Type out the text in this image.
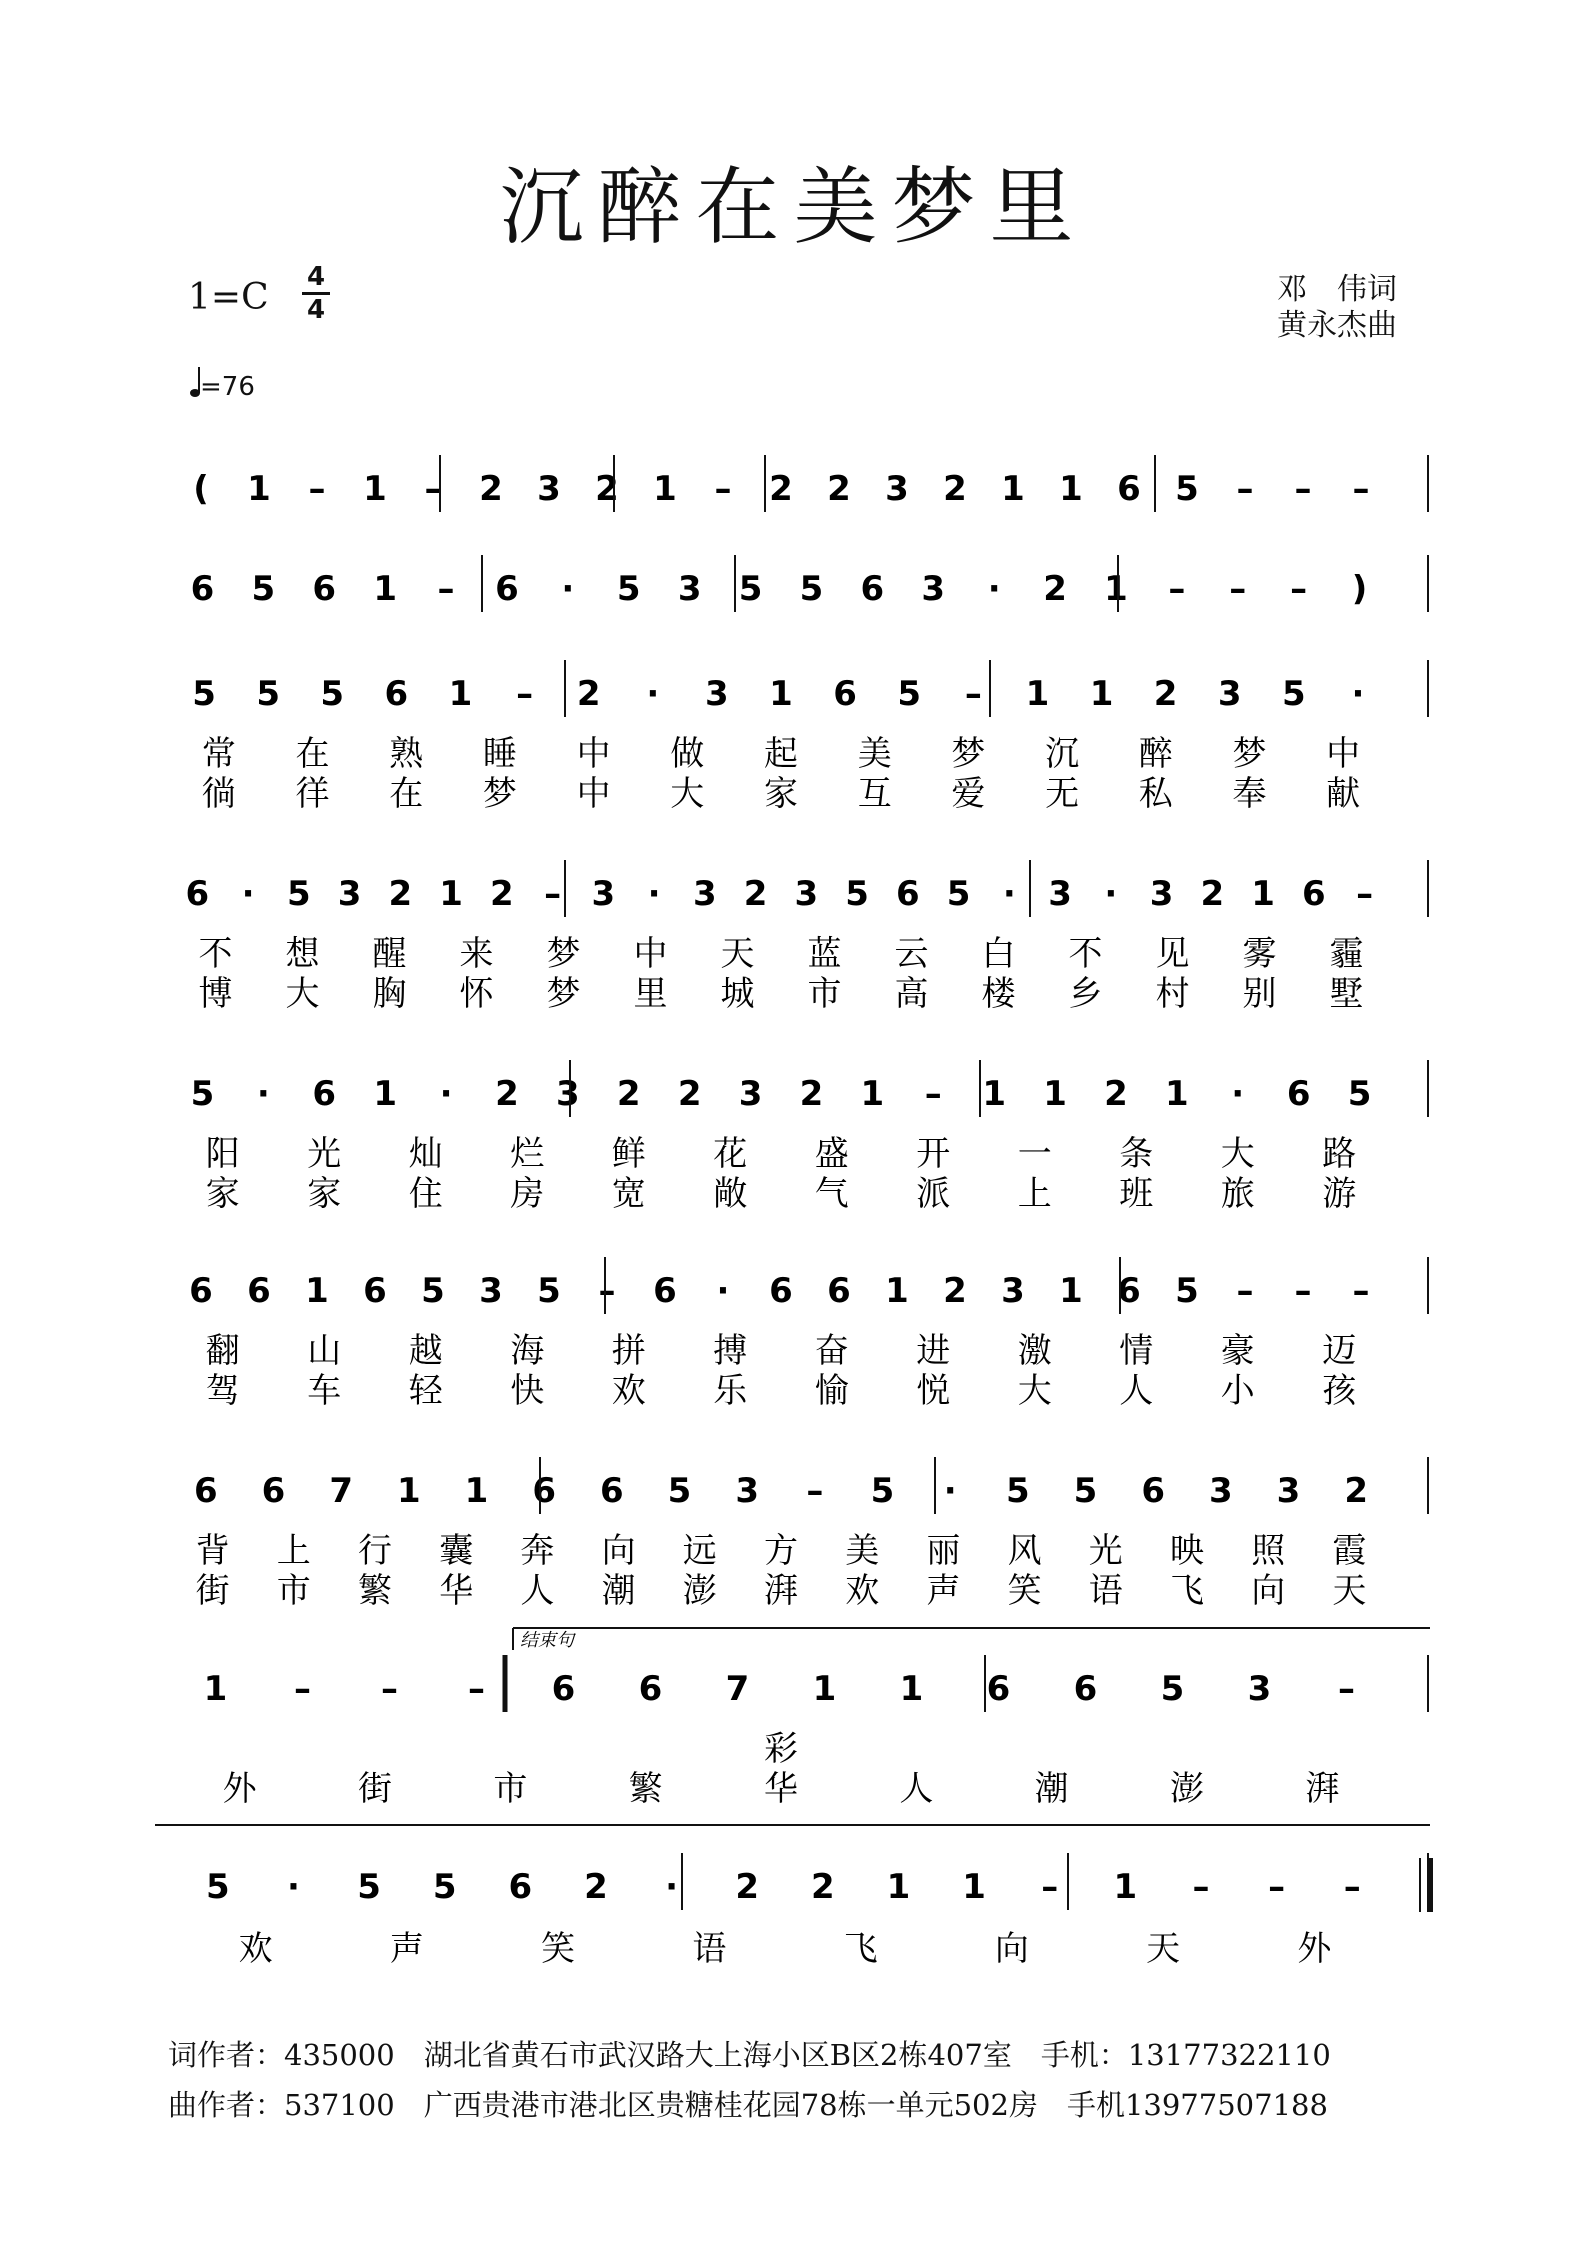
沉醉在美梦里
1=C	4
4
邓　伟词
黄永杰曲
=76
( 1 – 1 – 2 3 2 1 – 2 2 3 2 1 1 6 5 – – –
6 5 6 1 – 6 · 5 3 5 5 6 3 · 2 1 – – – )
5 5 5 6 1 – 2 · 3 1 6 5 – 1 1 2 3 5 ·
常 在 熟 睡 中 做 起 美 梦 沉 醉 梦 中
徜 徉 在 梦 中 大 家 互 爱 无 私 奉 献
6 · 5 3 2 1 2 – 3 · 3 2 3 5 6 5 · 3 · 3 2 1 6 –
不 想 醒 来 梦 中 天 蓝 云 白 不 见 雾 霾
博 大 胸 怀 梦 里 城 市 高 楼 乡 村 别 墅
5 · 6 1 · 2 3 2 2 3 2 1 – 1 1 2 1 · 6 5
阳 光 灿 烂 鲜 花 盛 开 一 条 大 路
家 家 住 房 宽 敞 气 派 上 班 旅 游
6 6 1 6 5 3 5 – 6 · 6 6 1 2 3 1 6 5 – – –
翻 山 越 海 拼 搏 奋 进 激 情 豪 迈
驾 车 轻 快 欢 乐 愉 悦 大 人 小 孩
6 6 7 1 1 6 6 5 3 – 5 · 5 5 6 3 3 2
背 上 行 囊 奔 向 远 方 美 丽 风 光 映 照 霞
街 市 繁 华 人 潮 澎 湃 欢 声 笑 语 飞 向 天
1 – – – 6 6 7 1 1 6 6 5 3 –
彩
外	街	市	繁	华	人	潮	澎	湃
5 · 5 5 6 2 · 2 2 1 1 – 1 – – –
欢	声	笑	语	飞	向	天	外
结束句
词作者：435000　湖北省黄石市武汉路大上海小区B区2栋407室　手机：13177322110
曲作者：537100　广西贵港市港北区贵糖桂花园78栋一单元502房　手机13977507188
